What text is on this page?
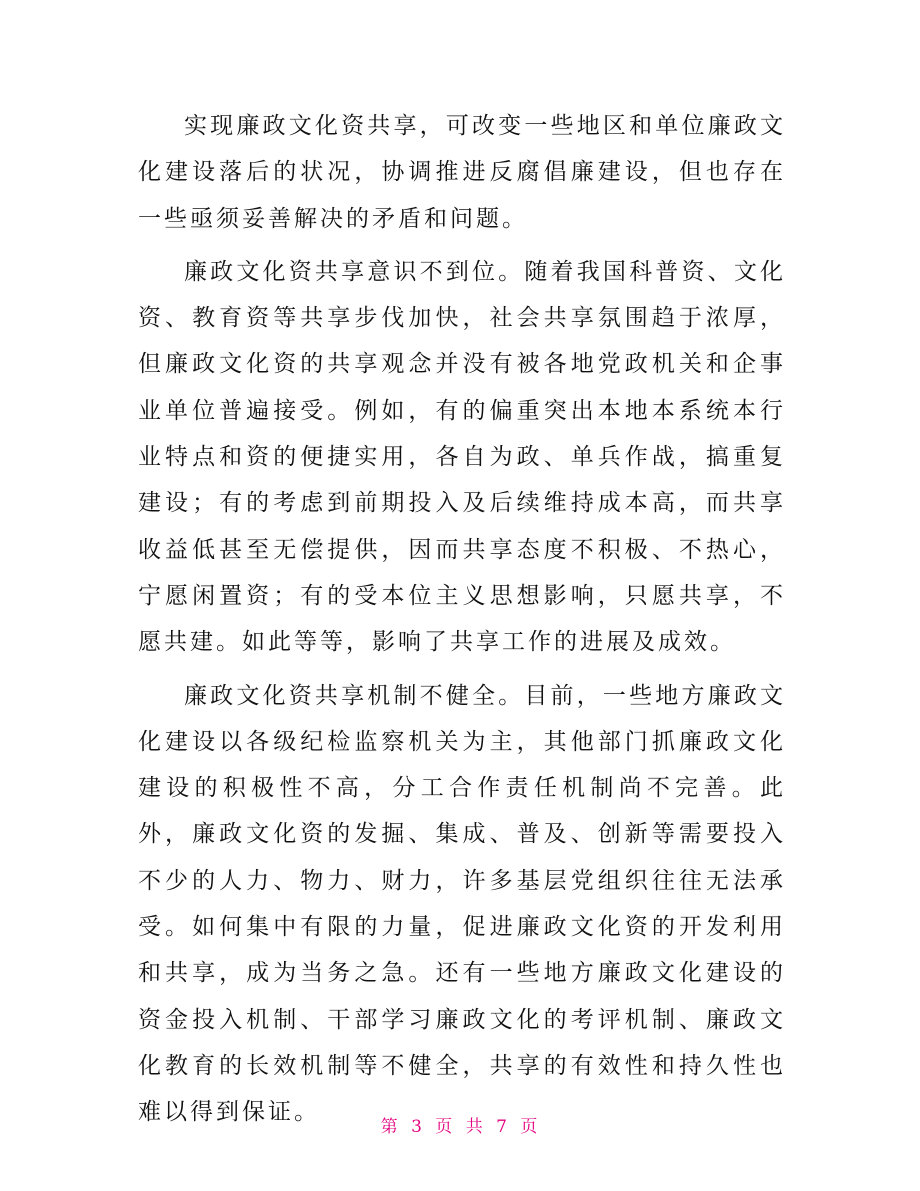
实现廉政文化资共享，可改变一些地区和单位廉政文化建设落后的状况，协调推进反腐倡廉建设，但也存在一些亟须妥善解决的矛盾和问题。

廉政文化资共享意识不到位。随着我国科普资、文化资、教育资等共享步伐加快，社会共享氛围趋于浓厚，但廉政文化资的共享观念并没有被各地党政机关和企事业单位普遍接受。例如，有的偏重突出本地本系统本行业特点和资的便捷实用，各自为政、单兵作战，搞重复建设；有的考虑到前期投入及后续维持成本高，而共享收益低甚至无偿提供，因而共享态度不积极、不热心，宁愿闲置资；有的受本位主义思想影响，只愿共享，不愿共建。如此等等，影响了共享工作的进展及成效。

廉政文化资共享机制不健全。目前，一些地方廉政文化建设以各级纪检监察机关为主，其他部门抓廉政文化建设的积极性不高，分工合作责任机制尚不完善。此外，廉政文化资的发掘、集成、普及、创新等需要投入不少的人力、物力、财力，许多基层党组织往往无法承受。如何集中有限的力量，促进廉政文化资的开发利用和共享，成为当务之急。还有一些地方廉政文化建设的资金投入机制、干部学习廉政文化的考评机制、廉政文化教育的长效机制等不健全，共享的有效性和持久性也难以得到保证。

第 3 页 共 7 页
